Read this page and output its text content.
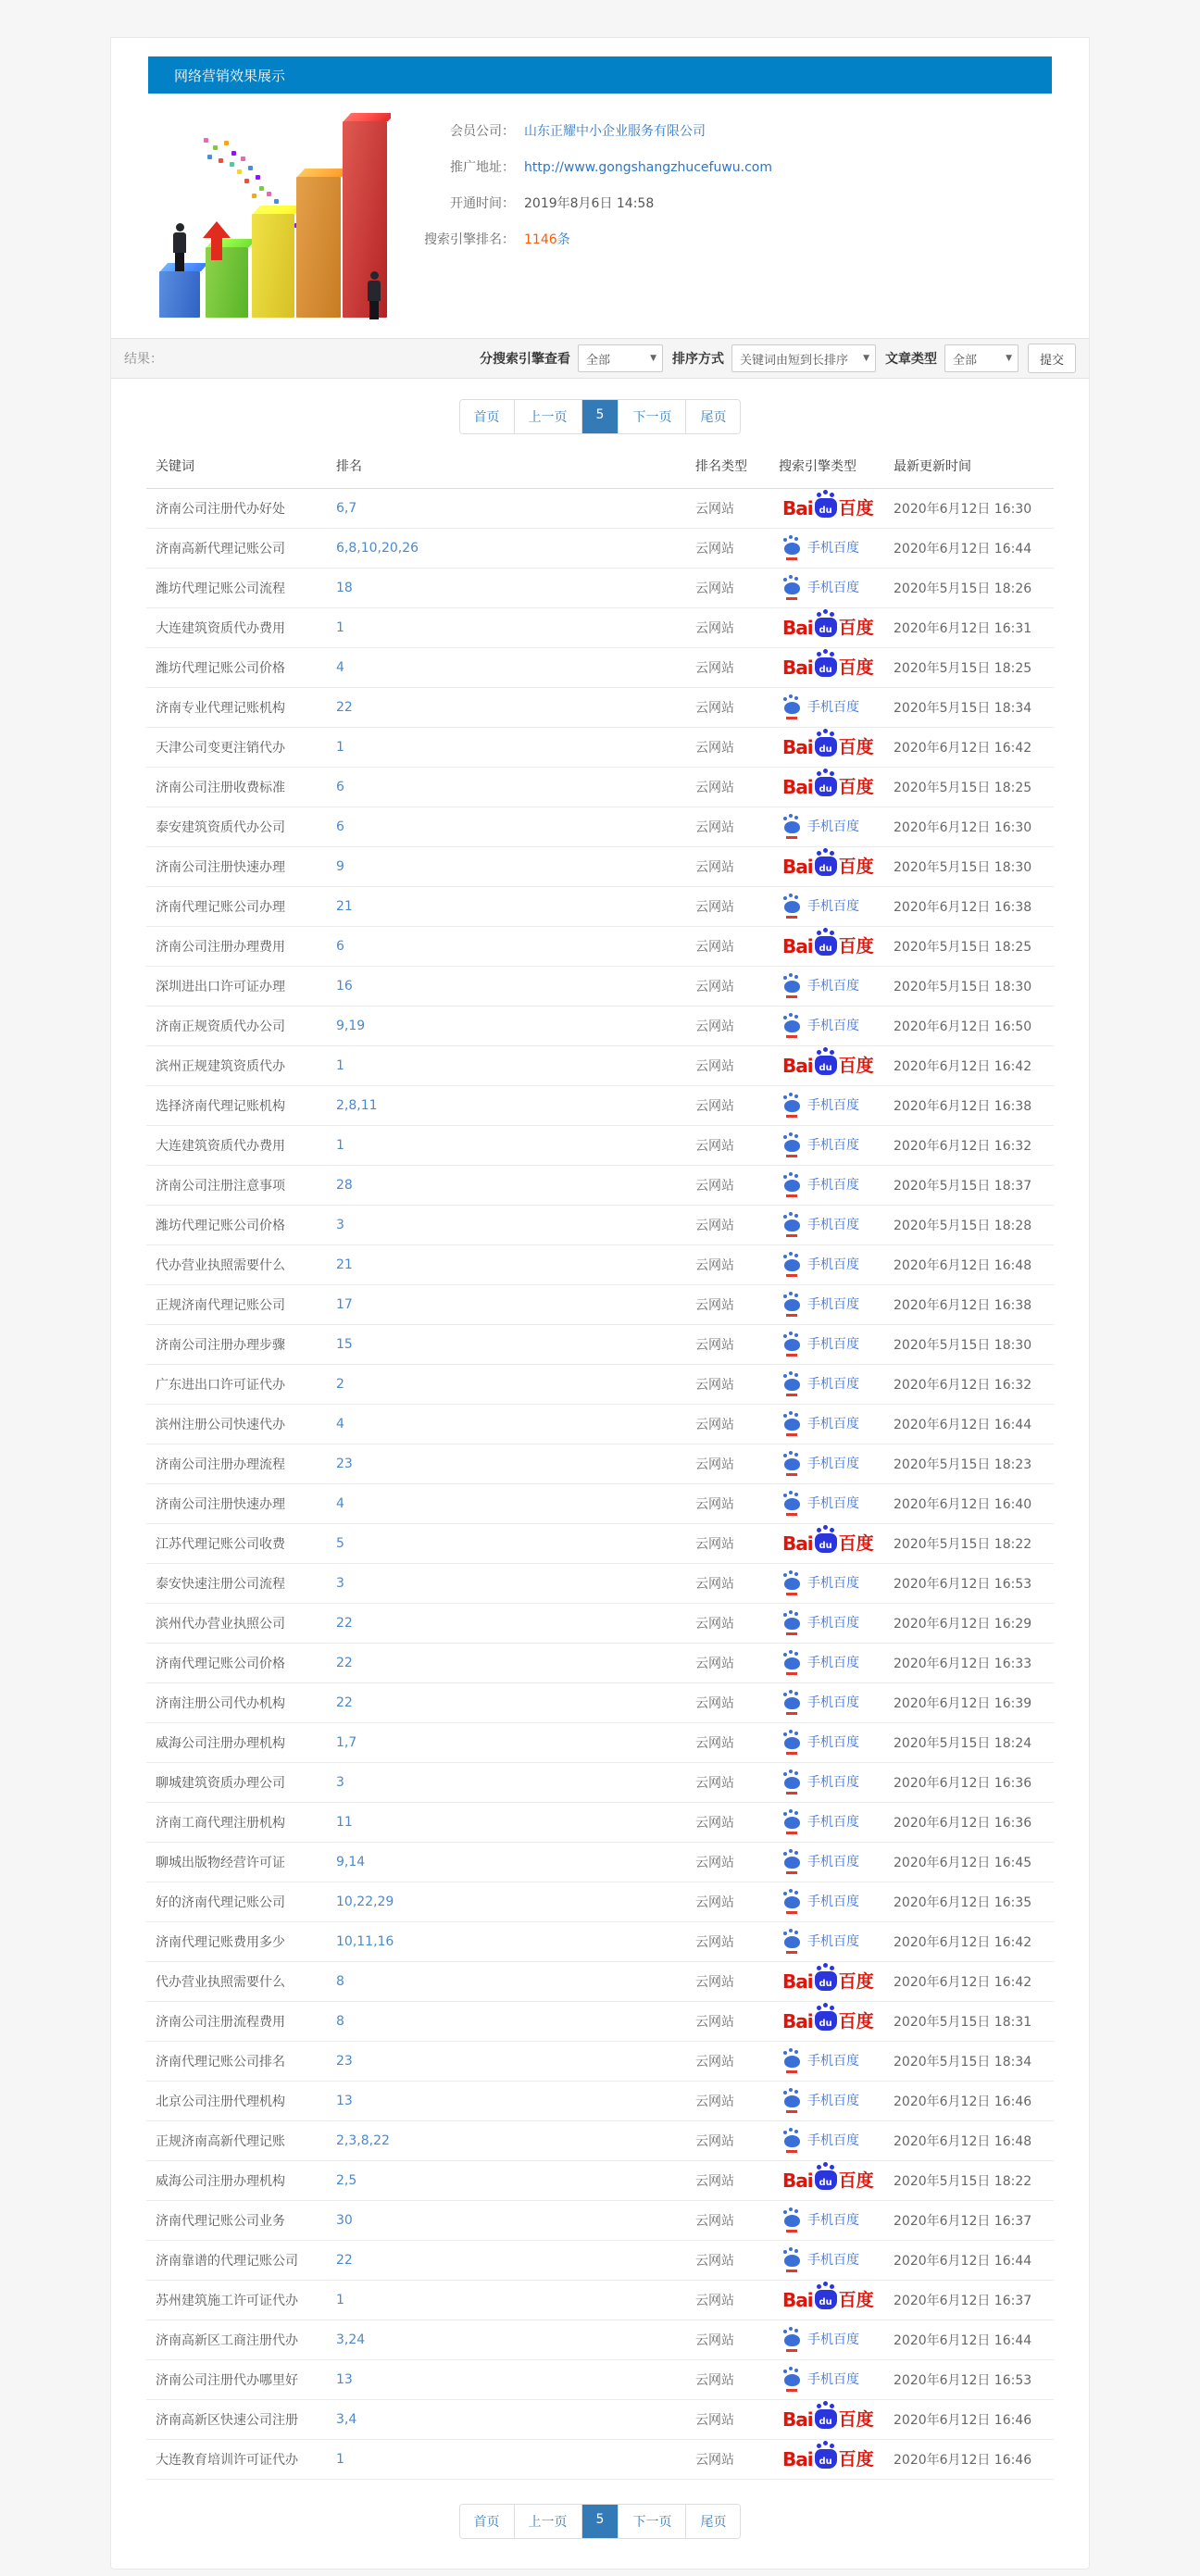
网络营销效果展示
会员公司： 山东正耀中小企业服务有限公司
推广地址： http://www.gongshangzhucefuwu.com
开通时间： 2019年8月6日 14:58
搜索引擎排名： 1146 条
结果：	分搜索引擎查看 全部	▼ 排序方式 关键词由短到长排序 ▼ 文章类型 全部	▼	提交
首页	上一页	5	下一页	尾页
关键词	排名	排名类型	搜索引擎类型	最新更新时间
济南公司注册代办好处	6,7	云网站	Bai du 百度 2020年6月12日 16:30
济南高新代理记账公司	6,8,10,20,26	云网站	手机百度	2020年6月12日 16:44
潍坊代理记账公司流程	18	云网站	手机百度	2020年5月15日 18:26
大连建筑资质代办费用	1	云网站	Bai du 百度 2020年6月12日 16:31
潍坊代理记账公司价格	4	云网站	Bai du 百度 2020年5月15日 18:25
济南专业代理记账机构	22	云网站	手机百度	2020年5月15日 18:34
天津公司变更注销代办	1	云网站	Bai du 百度 2020年6月12日 16:42
济南公司注册收费标准	6	云网站	Bai du 百度 2020年5月15日 18:25
泰安建筑资质代办公司	6	云网站	手机百度	2020年6月12日 16:30
济南公司注册快速办理	9	云网站	Bai du 百度 2020年5月15日 18:30
济南代理记账公司办理	21	云网站	手机百度	2020年6月12日 16:38
济南公司注册办理费用	6	云网站	Bai du 百度 2020年5月15日 18:25
深圳进出口许可证办理	16	云网站	手机百度	2020年5月15日 18:30
济南正规资质代办公司	9,19	云网站	手机百度	2020年6月12日 16:50
滨州正规建筑资质代办	1	云网站	Bai du 百度 2020年6月12日 16:42
选择济南代理记账机构	2,8,11	云网站	手机百度	2020年6月12日 16:38
大连建筑资质代办费用	1	云网站	手机百度	2020年6月12日 16:32
济南公司注册注意事项	28	云网站	手机百度	2020年5月15日 18:37
潍坊代理记账公司价格	3	云网站	手机百度	2020年5月15日 18:28
代办营业执照需要什么	21	云网站	手机百度	2020年6月12日 16:48
正规济南代理记账公司	17	云网站	手机百度	2020年6月12日 16:38
济南公司注册办理步骤	15	云网站	手机百度	2020年5月15日 18:30
广东进出口许可证代办	2	云网站	手机百度	2020年6月12日 16:32
滨州注册公司快速代办	4	云网站	手机百度	2020年6月12日 16:44
济南公司注册办理流程	23	云网站	手机百度	2020年5月15日 18:23
济南公司注册快速办理	4	云网站	手机百度	2020年6月12日 16:40
江苏代理记账公司收费	5	云网站	Bai du 百度 2020年5月15日 18:22
泰安快速注册公司流程	3	云网站	手机百度	2020年6月12日 16:53
滨州代办营业执照公司	22	云网站	手机百度	2020年6月12日 16:29
济南代理记账公司价格	22	云网站	手机百度	2020年6月12日 16:33
济南注册公司代办机构	22	云网站	手机百度	2020年6月12日 16:39
威海公司注册办理机构	1,7	云网站	手机百度	2020年5月15日 18:24
聊城建筑资质办理公司	3	云网站	手机百度	2020年6月12日 16:36
济南工商代理注册机构	11	云网站	手机百度	2020年6月12日 16:36
聊城出版物经营许可证	9,14	云网站	手机百度	2020年6月12日 16:45
好的济南代理记账公司	10,22,29	云网站	手机百度	2020年6月12日 16:35
济南代理记账费用多少	10,11,16	云网站	手机百度	2020年6月12日 16:42
代办营业执照需要什么	8	云网站	Bai du 百度 2020年6月12日 16:42
济南公司注册流程费用	8	云网站	Bai du 百度 2020年5月15日 18:31
济南代理记账公司排名	23	云网站	手机百度	2020年5月15日 18:34
北京公司注册代理机构	13	云网站	手机百度	2020年6月12日 16:46
正规济南高新代理记账	2,3,8,22	云网站	手机百度	2020年6月12日 16:48
威海公司注册办理机构	2,5	云网站	Bai du 百度 2020年5月15日 18:22
济南代理记账公司业务	30	云网站	手机百度	2020年6月12日 16:37
济南靠谱的代理记账公司	22	云网站	手机百度	2020年6月12日 16:44
苏州建筑施工许可证代办	1	云网站	Bai du 百度 2020年6月12日 16:37
济南高新区工商注册代办	3,24	云网站	手机百度	2020年6月12日 16:44
济南公司注册代办哪里好	13	云网站	手机百度	2020年6月12日 16:53
济南高新区快速公司注册	3,4	云网站	Bai du 百度 2020年6月12日 16:46
大连教育培训许可证代办	1	云网站	Bai du 百度 2020年6月12日 16:46
首页	上一页	5	下一页	尾页
